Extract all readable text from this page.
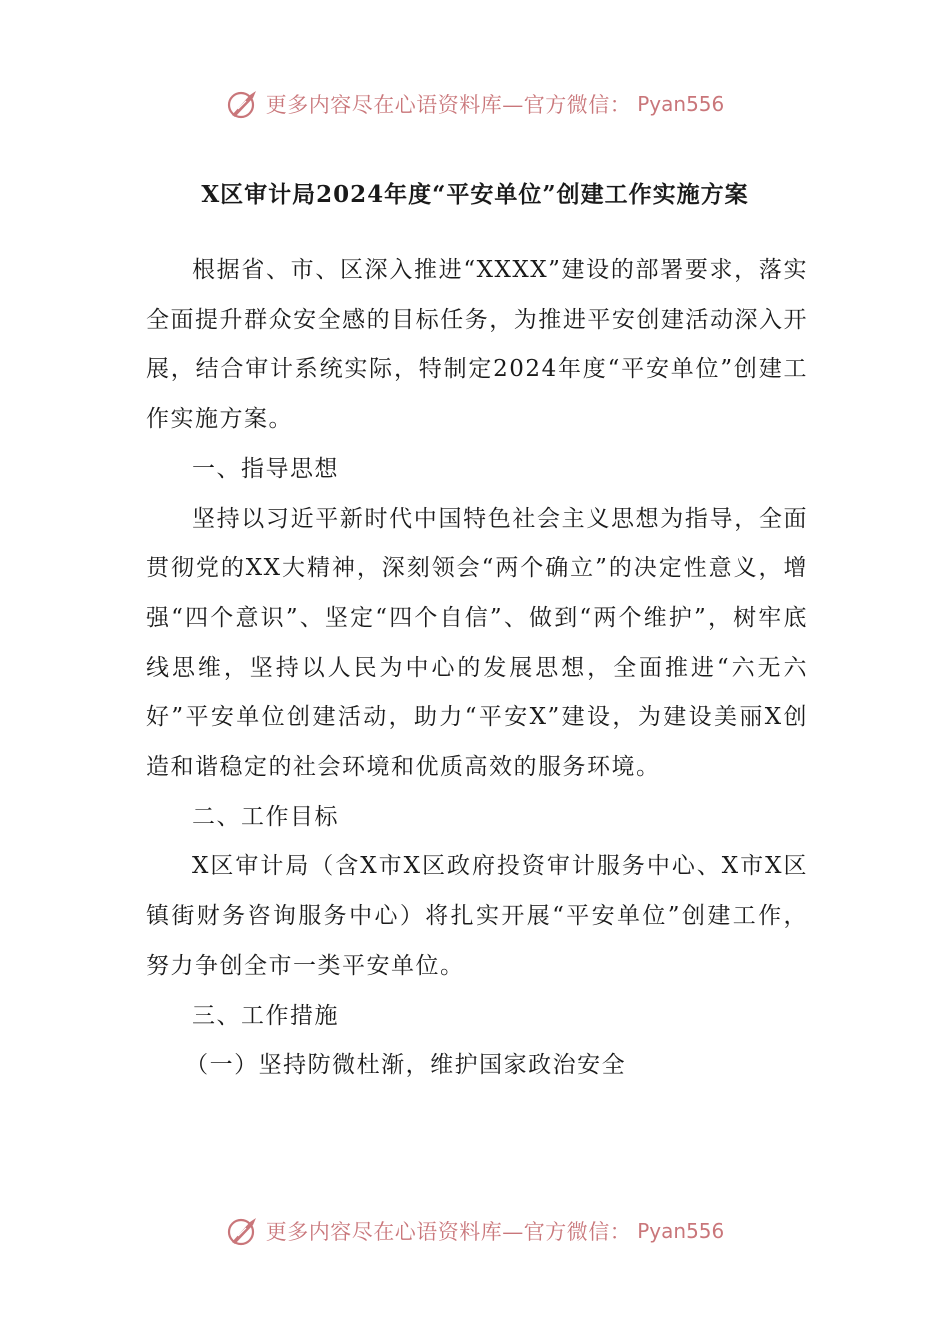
更多内容尽在心语资料库—官方微信： Pyan556
X区审计局2024年度“平安单位”创建工作实施方案

根据省、市、区深入推进“XXXX”建设的部署要求，落实全面提升群众安全感的目标任务，为推进平安创建活动深入开展，结合审计系统实际，特制定2024年度“平安单位”创建工作实施方案。

一、指导思想

坚持以习近平新时代中国特色社会主义思想为指导，全面贯彻党的XX大精神，深刻领会“两个确立”的决定性意义，增强“四个意识”、坚定“四个自信”、做到“两个维护”，树牢底线思维，坚持以人民为中心的发展思想，全面推进“六无六好”平安单位创建活动，助力“平安X”建设，为建设美丽X创造和谐稳定的社会环境和优质高效的服务环境。

二、工作目标

X区审计局（含X市X区政府投资审计服务中心、X市X区镇街财务咨询服务中心）将扎实开展“平安单位”创建工作，努力争创全市一类平安单位。

三、工作措施

（一）坚持防微杜渐，维护国家政治安全

更多内容尽在心语资料库—官方微信： Pyan556
